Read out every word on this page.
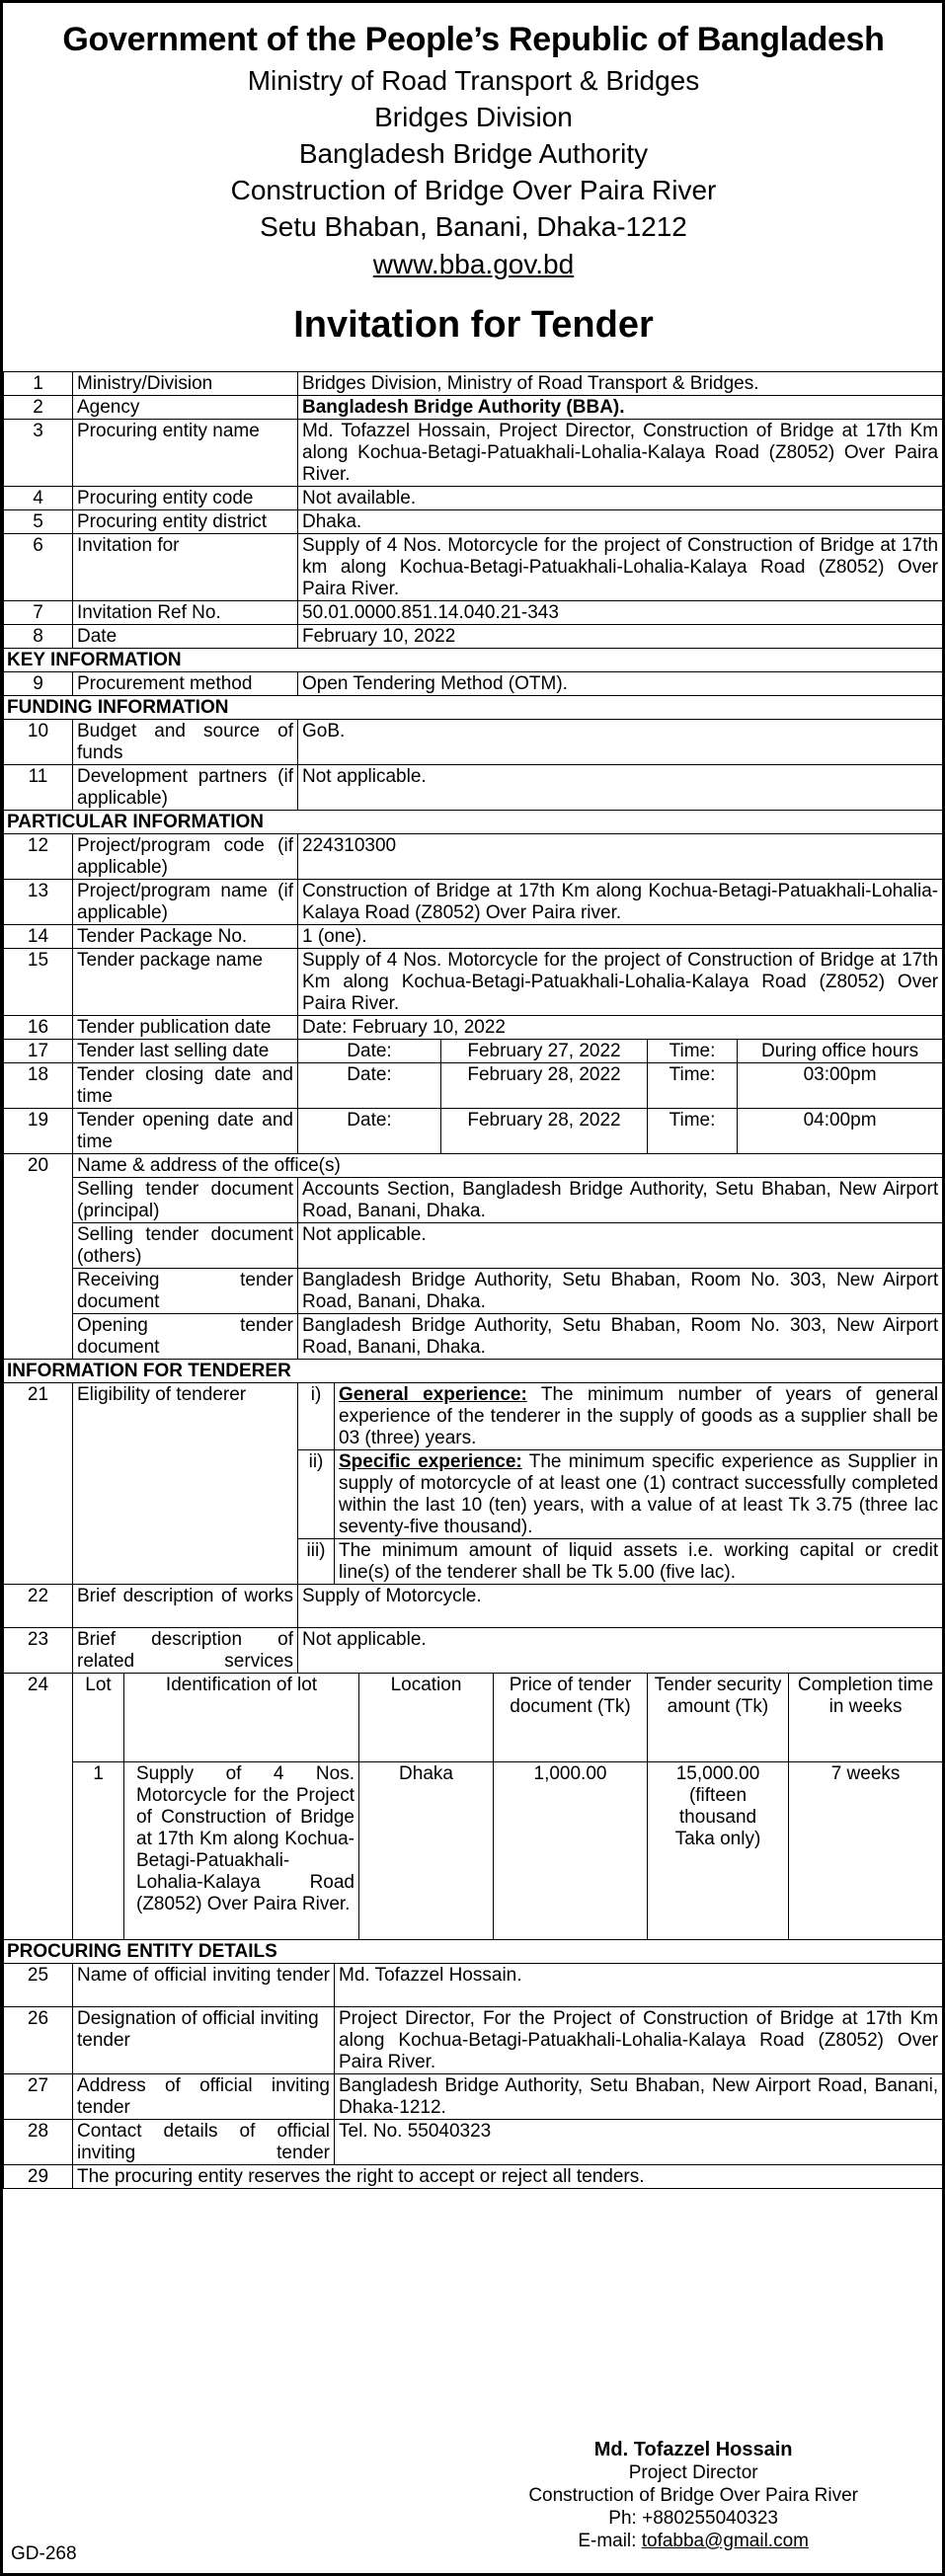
Government of the People’s Republic of Bangladesh
Ministry of Road Transport & Bridges
Bridges Division
Bangladesh Bridge Authority
Construction of Bridge Over Paira River
Setu Bhaban, Banani, Dhaka-1212
www.bba.gov.bd
Invitation for Tender
1	Ministry/Division		Bridges Division, Ministry of Road Transport & Bridges.							
2	Agency		Bangladesh Bridge Authority (BBA).							
3	Procuring entity name		Md. Tofazzel Hossain, Project Director, Construction of Bridge at 17th Km along Kochua-Betagi-Patuakhali-Lohalia-Kalaya Road (Z8052) Over Paira River.							
4	Procuring entity code		Not available.							
5	Procuring entity district		Dhaka.							
6	Invitation for		Supply of 4 Nos. Motorcycle for the project of Construction of Bridge at 17th km along Kochua-Betagi-Patuakhali-Lohalia-Kalaya Road (Z8052) Over Paira River.							
7	Invitation Ref No.		50.01.0000.851.14.040.21-343							
8	Date		February 10, 2022							
KEY INFORMATION										
9	Procurement method		Open Tendering Method (OTM).							
FUNDING INFORMATION										
10	Budget and source of funds		GoB.							
11	Development partners (if applicable)		Not applicable.							
PARTICULAR INFORMATION										
12	Project/program code (if applicable)		224310300							
13	Project/program name (if applicable)		Construction of Bridge at 17th Km along Kochua-Betagi-Patuakhali-Lohalia-Kalaya Road (Z8052) Over Paira river.							
14	Tender Package No.		1 (one).							
15	Tender package name		Supply of 4 Nos. Motorcycle for the project of Construction of Bridge at 17th Km along Kochua-Betagi-Patuakhali-Lohalia-Kalaya Road (Z8052) Over Paira River.							
16	Tender publication date		Date: February 10, 2022							
17	Tender last selling date		Date:			February 27, 2022		Time:	During office hours	
18	Tender closing date and time		Date:			February 28, 2022		Time:	03:00pm	
19	Tender opening date and time		Date:			February 28, 2022		Time:	04:00pm	
20	Name & address of the office(s)									
	Selling tender document (principal)		Accounts Section, Bangladesh Bridge Authority, Setu Bhaban, New Airport Road, Banani, Dhaka.							
	Selling tender document (others)		Not applicable.							
	Receiving tender document		Bangladesh Bridge Authority, Setu Bhaban, Room No. 303, New Airport Road, Banani, Dhaka.							
	Opening tender document		Bangladesh Bridge Authority, Setu Bhaban, Room No. 303, New Airport Road, Banani, Dhaka.							
INFORMATION FOR TENDERER										
21	Eligibility of tenderer		i)	General experience: The minimum number of years of general experience of the tenderer in the supply of goods as a supplier shall be 03 (three) years.						
			ii)	Specific experience: The minimum specific experience as Supplier in supply of motorcycle of at least one (1) contract successfully completed within the last 10 (ten) years, with a value of at least Tk 3.75 (three lac seventy-five thousand).						
			iii)	The minimum amount of liquid assets i.e. working capital or credit line(s) of the tenderer shall be Tk 5.00 (five lac).						
22	Brief description of works		Supply of Motorcycle.							
23	Brief description of related services		Not applicable.							
24	Lot	Identification of lot			Location		Price of tender document (Tk)	Tender security amount (Tk)		Completion time in weeks
	1	Supply of 4 Nos. Motorcycle for the Project of Construction of Bridge at 17th Km along Kochua-Betagi-Patuakhali-Lohalia-Kalaya Road (Z8052) Over Paira River.			Dhaka		1,000.00	15,000.00 (fifteen thousand Taka only)		7 weeks
PROCURING ENTITY DETAILS										
25	Name of official inviting tender			Md. Tofazzel Hossain.						
26	Designation of official inviting tender			Project Director, For the Project of Construction of Bridge at 17th Km along Kochua-Betagi-Patuakhali-Lohalia-Kalaya Road (Z8052) Over Paira River.						
27	Address of official inviting tender			Bangladesh Bridge Authority, Setu Bhaban, New Airport Road, Banani, Dhaka-1212.						
28	Contact details of official inviting tender			Tel. No. 55040323						
29	The procuring entity reserves the right to accept or reject all tenders.									
Md. Tofazzel Hossain
Project Director
Construction of Bridge Over Paira River
Ph: +880255040323
E-mail: tofabba@gmail.com
GD-268
